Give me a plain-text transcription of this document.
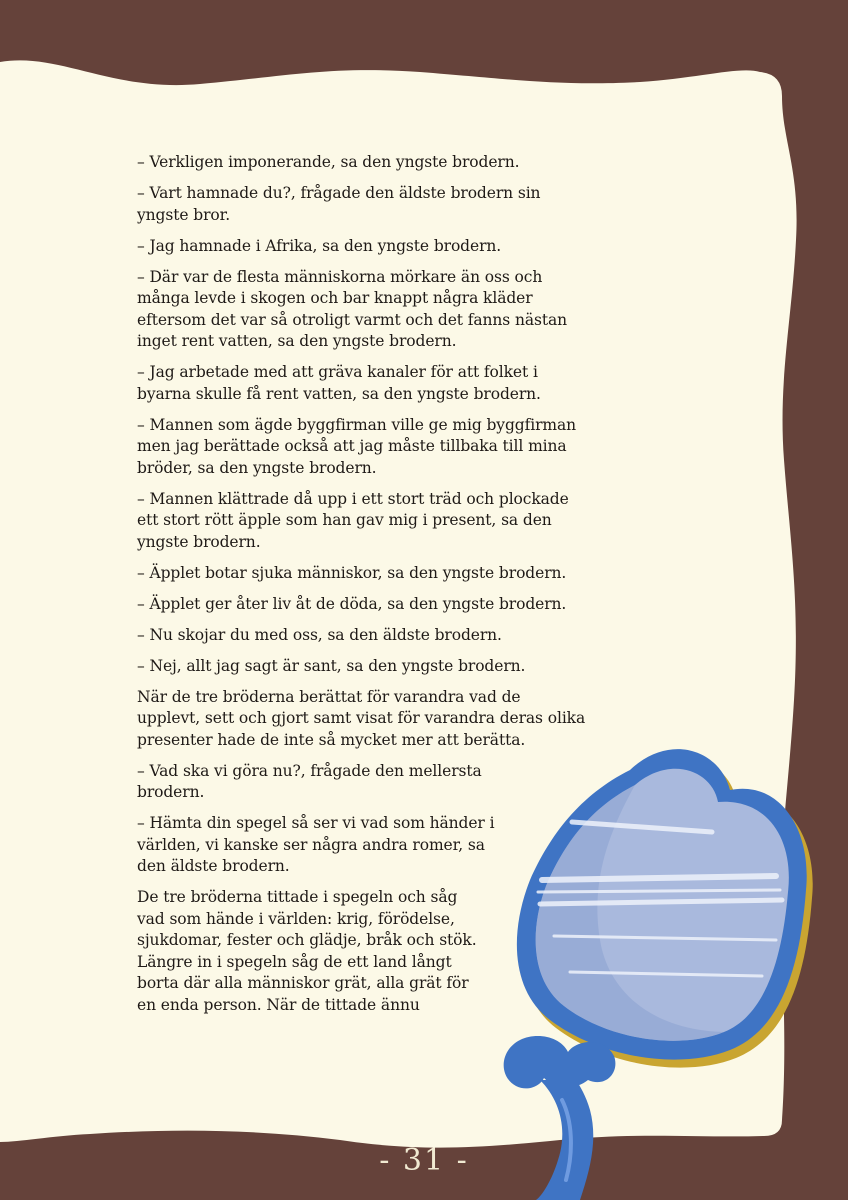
– Verkligen imponerande, sa den yngste brodern.

– Vart hamnade du?, frågade den äldste brodern sin yngste bror.

– Jag hamnade i Afrika, sa den yngste brodern.

– Där var de flesta människorna mörkare än oss och många levde i skogen och bar knappt några kläder eftersom det var så otroligt varmt och det fanns nästan inget rent vatten, sa den yngste brodern.

– Jag arbetade med att gräva kanaler för att folket i byarna skulle få rent vatten, sa den yngste brodern.

– Mannen som ägde byggfirman ville ge mig byggfirman men jag berättade också att jag måste tillbaka till mina bröder, sa den yngste brodern.

– Mannen klättrade då upp i ett stort träd och plockade ett stort rött äpple som han gav mig i present, sa den yngste brodern.

– Äpplet botar sjuka människor, sa den yngste brodern.

– Äpplet ger åter liv åt de döda, sa den yngste brodern.

– Nu skojar du med oss, sa den äldste brodern.

– Nej, allt jag sagt är sant, sa den yngste brodern.

När de tre bröderna berättat för varandra vad de upplevt, sett och gjort samt visat för varandra deras olika presenter hade de inte så mycket mer att berätta.

– Vad ska vi göra nu?, frågade den mellersta brodern.

– Hämta din spegel så ser vi vad som händer i världen, vi kanske ser några andra romer, sa den äldste brodern.

De tre bröderna tittade i spegeln och såg vad som hände i världen: krig, förödelse, sjukdomar, fester och glädje, bråk och stök. Längre in i spegeln såg de ett land långt borta där alla människor grät, alla grät för en enda person. När de tittade ännu

- 31 -
